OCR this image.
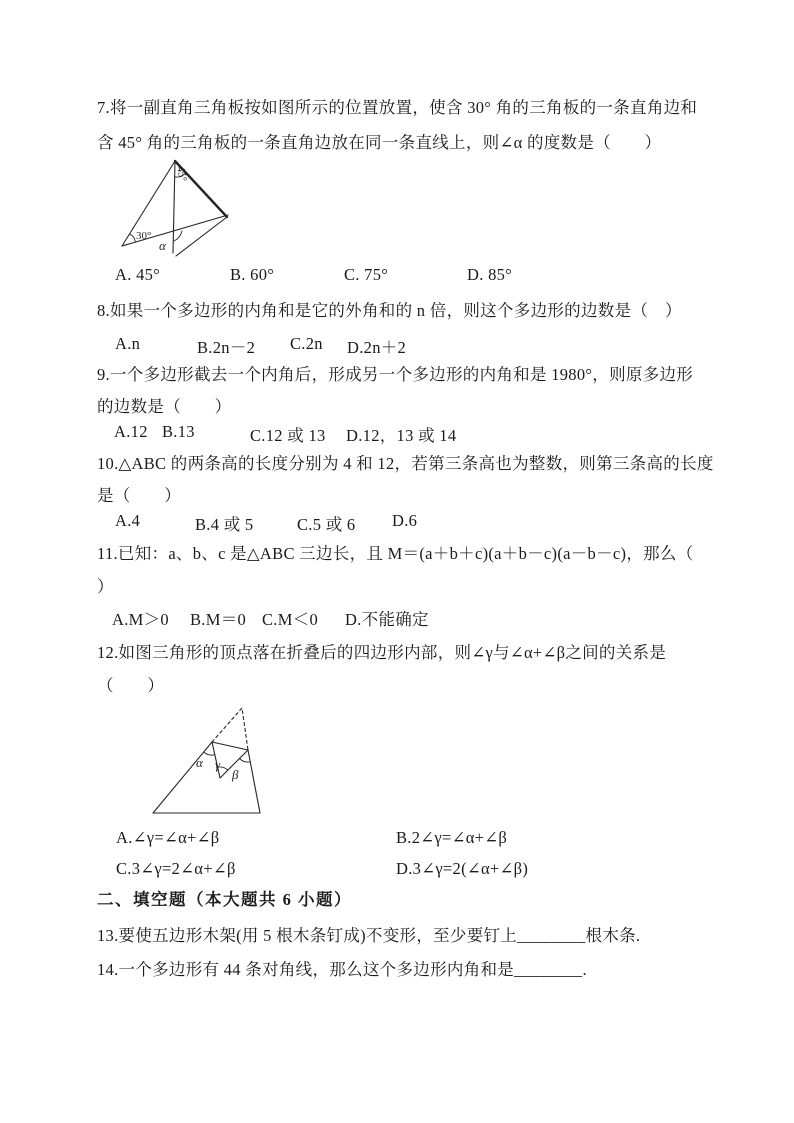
7.将一副直角三角板按如图所示的位置放置，使含 30° 角的三角板的一条直角边和
含 45° 角的三角板的一条直角边放在同一条直线上，则∠α 的度数是（　　）
45°
30°
α
A. 45°	B. 60°	C. 75°	D. 85°
8.如果一个多边形的内角和是它的外角和的 n 倍，则这个多边形的边数是（　）
A.n	B.2n－2 C.2n D.2n＋2
9.一个多边形截去一个内角后，形成另一个多边形的内角和是 1980°，则原多边形
的边数是（　　）
A.12 B.13	C.12 或 13 D.12，13 或 14
10.△ABC 的两条高的长度分别为 4 和 12，若第三条高也为整数，则第三条高的长度
是（　　）
A.4	B.4 或 5	C.5 或 6 D.6
11.已知：a、b、c 是△ABC 三边长，且 M＝(a＋b＋c)(a＋b－c)(a－b－c)，那么（
）
A.M＞0 B.M＝0 C.M＜0 D.不能确定
12.如图三角形的顶点落在折叠后的四边形内部，则∠γ与∠α+∠β之间的关系是
（　　）
α γ
β
A.∠γ=∠α+∠β	B.2∠γ=∠α+∠β
C.3∠γ=2∠α+∠β	D.3∠γ=2(∠α+∠β)
二、填空题（本大题共 6 小题）
13.要使五边形木架(用 5 根木条钉成)不变形，至少要钉上________根木条.
14.一个多边形有 44 条对角线，那么这个多边形内角和是________.
